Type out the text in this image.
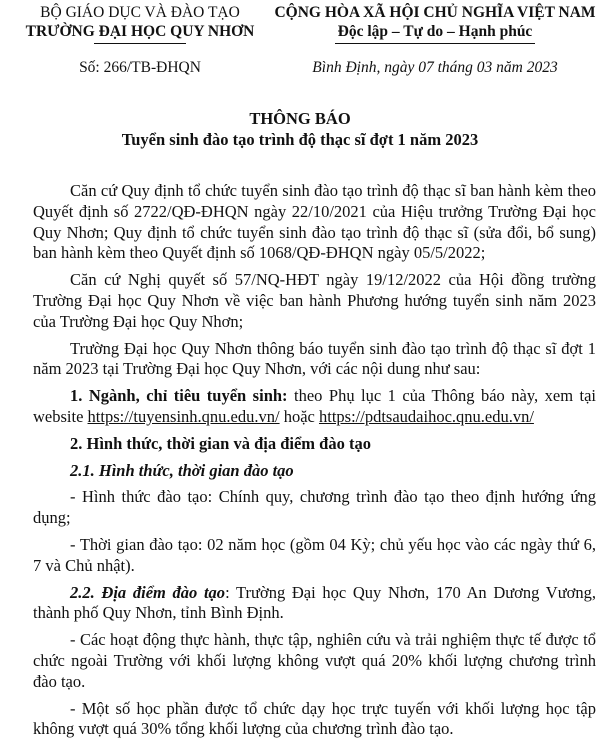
BỘ GIÁO DỤC VÀ ĐÀO TẠO
TRƯỜNG ĐẠI HỌC QUY NHƠN
CỘNG HÒA XÃ HỘI CHỦ NGHĨA VIỆT NAM
Độc lập – Tự do – Hạnh phúc
Số: 266/TB-ĐHQN	Bình Định, ngày 07 tháng 03 năm 2023
THÔNG BÁO
Tuyển sinh đào tạo trình độ thạc sĩ đợt 1 năm 2023

Căn cứ Quy định tổ chức tuyển sinh đào tạo trình độ thạc sĩ ban hành kèm theo Quyết định số 2722/QĐ-ĐHQN ngày 22/10/2021 của Hiệu trưởng Trường Đại học Quy Nhơn; Quy định tổ chức tuyển sinh đào tạo trình độ thạc sĩ (sửa đổi, bổ sung) ban hành kèm theo Quyết định số 1068/QĐ-ĐHQN ngày 05/5/2022;

Căn cứ Nghị quyết số 57/NQ-HĐT ngày 19/12/2022 của Hội đồng trường Trường Đại học Quy Nhơn về việc ban hành Phương hướng tuyển sinh năm 2023 của Trường Đại học Quy Nhơn;

Trường Đại học Quy Nhơn thông báo tuyển sinh đào tạo trình độ thạc sĩ đợt 1 năm 2023 tại Trường Đại học Quy Nhơn, với các nội dung như sau:

1. Ngành, chỉ tiêu tuyển sinh: theo Phụ lục 1 của Thông báo này, xem tại website https://tuyensinh.qnu.edu.vn/ hoặc https://pdtsaudaihoc.qnu.edu.vn/

2. Hình thức, thời gian và địa điểm đào tạo

2.1. Hình thức, thời gian đào tạo

- Hình thức đào tạo: Chính quy, chương trình đào tạo theo định hướng ứng dụng;

- Thời gian đào tạo: 02 năm học (gồm 04 Kỳ; chủ yếu học vào các ngày thứ 6, 7 và Chủ nhật).

2.2. Địa điểm đào tạo: Trường Đại học Quy Nhơn, 170 An Dương Vương, thành phố Quy Nhơn, tỉnh Bình Định.

- Các hoạt động thực hành, thực tập, nghiên cứu và trải nghiệm thực tế được tổ chức ngoài Trường với khối lượng không vượt quá 20% khối lượng chương trình đào tạo.

- Một số học phần được tổ chức dạy học trực tuyến với khối lượng học tập không vượt quá 30% tổng khối lượng của chương trình đào tạo.
